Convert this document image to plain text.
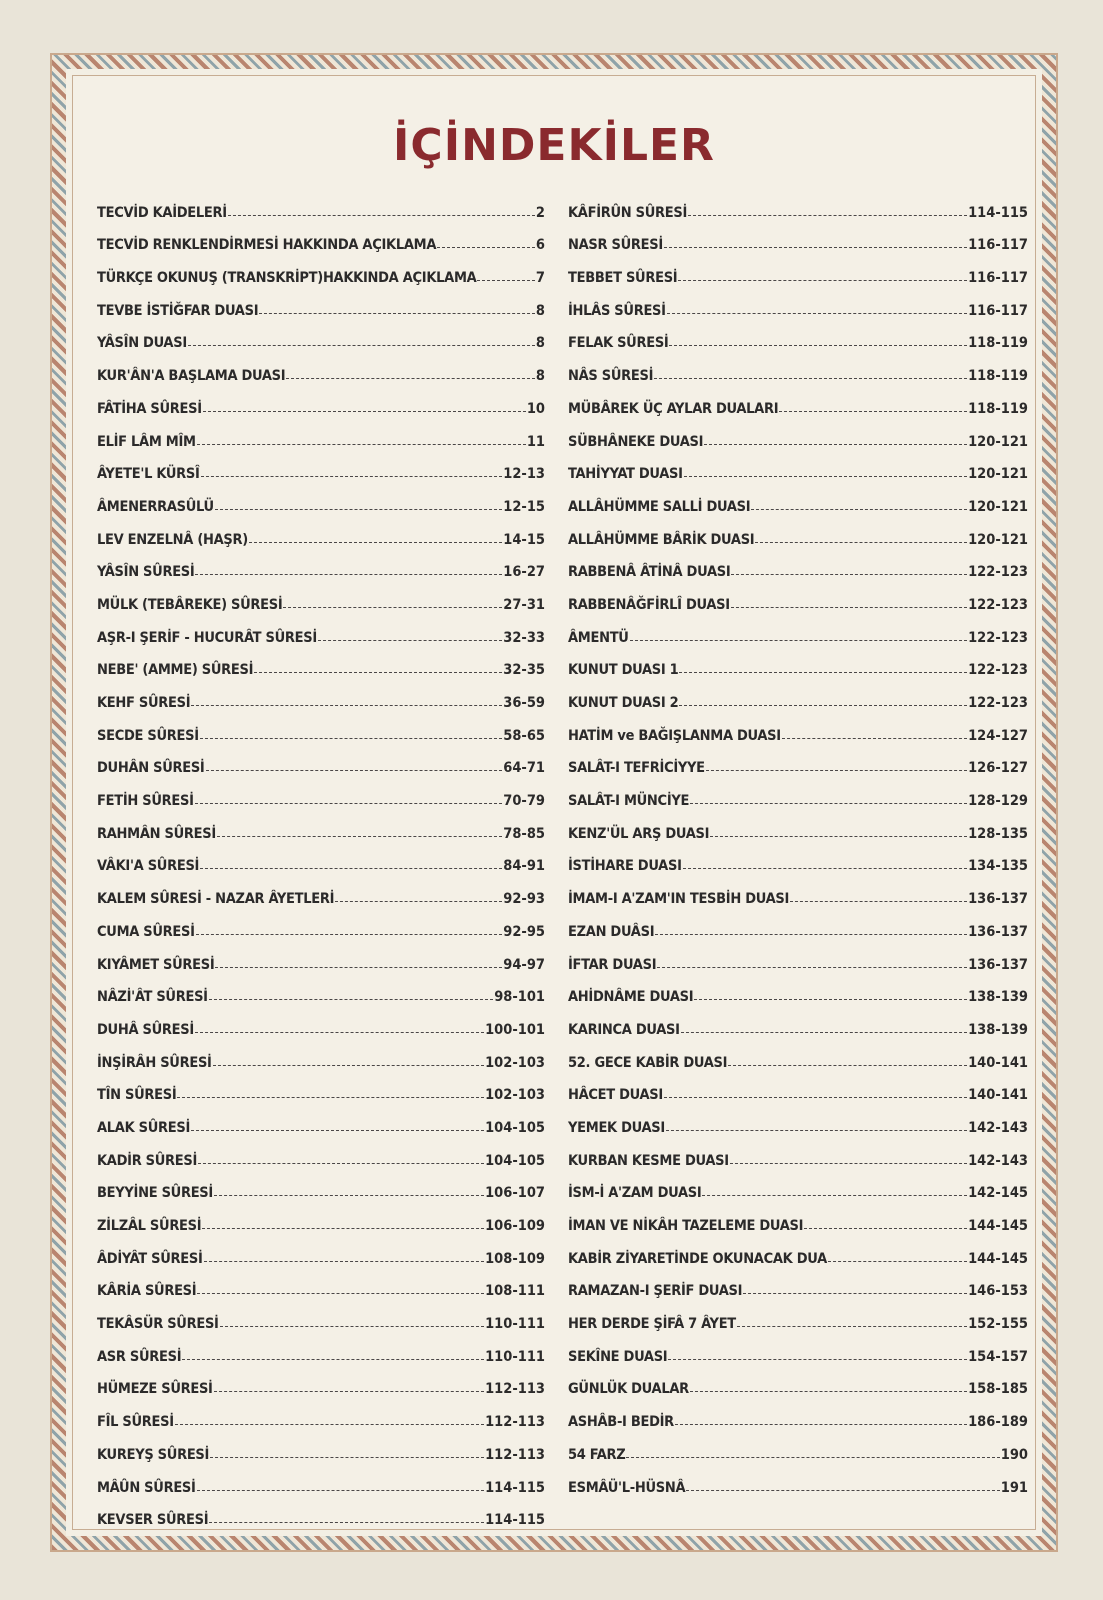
İÇİNDEKİLER
TECVİD KAİDELERİ	2
TECVİD RENKLENDİRMESİ HAKKINDA AÇIKLAMA	6
TÜRKÇE OKUNUŞ (TRANSKRİPT)HAKKINDA AÇIKLAMA	7
TEVBE İSTİĞFAR DUASI	8
YÂSÎN DUASI	8
KUR'ÂN'A BAŞLAMA DUASI	8
FÂTİHA SÛRESİ	10
ELİF LÂM MÎM	11
ÂYETE'L KÜRSÎ	12-13
ÂMENERRASÛLÜ	12-15
LEV ENZELNÂ (HAŞR)	14-15
YÂSÎN SÛRESİ	16-27
MÜLK (TEBÂREKE) SÛRESİ	27-31
AŞR-I ŞERİF - HUCURÂT SÛRESİ	32-33
NEBE' (AMME) SÛRESİ	32-35
KEHF SÛRESİ	36-59
SECDE SÛRESİ	58-65
DUHÂN SÛRESİ	64-71
FETİH SÛRESİ	70-79
RAHMÂN SÛRESİ	78-85
VÂKI'A SÛRESİ	84-91
KALEM SÛRESİ - NAZAR ÂYETLERİ	92-93
CUMA SÛRESİ	92-95
KIYÂMET SÛRESİ	94-97
NÂZİ'ÂT SÛRESİ	98-101
DUHÂ SÛRESİ	100-101
İNŞİRÂH SÛRESİ	102-103
TÎN SÛRESİ	102-103
ALAK SÛRESİ	104-105
KADİR SÛRESİ	104-105
BEYYİNE SÛRESİ	106-107
ZİLZÂL SÛRESİ	106-109
ÂDİYÂT SÛRESİ	108-109
KÂRİA SÛRESİ	108-111
TEKÂSÜR SÛRESİ	110-111
ASR SÛRESİ	110-111
HÜMEZE SÛRESİ	112-113
FÎL SÛRESİ	112-113
KUREYŞ SÛRESİ	112-113
MÂÛN SÛRESİ	114-115
KEVSER SÛRESİ	114-115
KÂFİRÛN SÛRESİ	114-115
NASR SÛRESİ	116-117
TEBBET SÛRESİ	116-117
İHLÂS SÛRESİ	116-117
FELAK SÛRESİ	118-119
NÂS SÛRESİ	118-119
MÜBÂREK ÜÇ AYLAR DUALARI	118-119
SÜBHÂNEKE DUASI	120-121
TAHİYYAT DUASI	120-121
ALLÂHÜMME SALLİ DUASI	120-121
ALLÂHÜMME BÂRİK DUASI	120-121
RABBENÂ ÂTİNÂ DUASI	122-123
RABBENÂĞFİRLÎ DUASI	122-123
ÂMENTÜ	122-123
KUNUT DUASI 1	122-123
KUNUT DUASI 2	122-123
HATİM ve BAĞIŞLANMA DUASI	124-127
SALÂT-I TEFRİCİYYE	126-127
SALÂT-I MÜNCİYE	128-129
KENZ'ÜL ARŞ DUASI	128-135
İSTİHARE DUASI	134-135
İMAM-I A'ZAM'IN TESBİH DUASI	136-137
EZAN DUÂSI	136-137
İFTAR DUASI	136-137
AHİDNÂME DUASI	138-139
KARINCA DUASI	138-139
52. GECE KABİR DUASI	140-141
HÂCET DUASI	140-141
YEMEK DUASI	142-143
KURBAN KESME DUASI	142-143
İSM-İ A'ZAM DUASI	142-145
İMAN VE NİKÂH TAZELEME DUASI	144-145
KABİR ZİYARETİNDE OKUNACAK DUA	144-145
RAMAZAN-I ŞERİF DUASI	146-153
HER DERDE ŞİFÂ 7 ÂYET	152-155
SEKÎNE DUASI	154-157
GÜNLÜK DUALAR	158-185
ASHÂB-I BEDİR	186-189
54 FARZ	190
ESMÂÜ'L-HÜSNÂ	191
